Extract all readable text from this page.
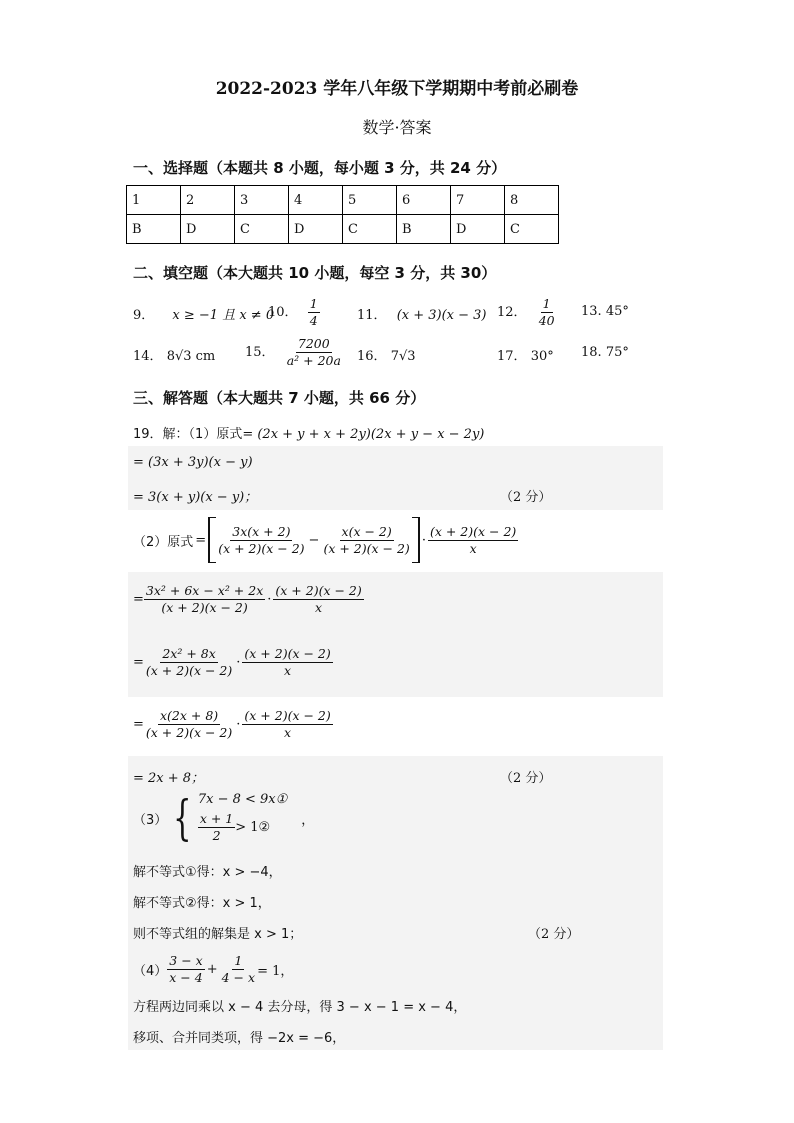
2022-2023 学年八年级下学期期中考前必刷卷
数学·答案
一、选择题（本题共 8 小题，每小题 3 分，共 24 分）
1	2	3	4	5	6	7	8
B	D	C	D	C	B	D	C
二、填空题（本大题共 10 小题，每空 3 分，共 30）
9． x ≥ −1 且 x ≠ 0
10． $\frac{1}{4}$	11． (x + 3)(x − 3) 12． $\frac{1}{40} 13$. 45°
14． 8√3 cm 15． $\frac{7200}{\text{a² + 20a}} 16$． 7√3	17． 30° 18. 75°
三、解答题（本大题共 7 小题，共 66 分）
19．解：（1）原式= (2x + y + x + 2y)(2x + y − x − 2y)
= (3x + 3y)(x − y)
= 3(x + y)(x − y)；	（2 分）
（2）原式 = $\frac{3x(x + 2)}{(x + 2)(x - 2)} - \frac{x(x - 2)}{(x + 2)(x - 2)} \cdot \frac{(x + 2)(x - 2)}{x}$
= $\frac{\text{3x² + 6x − x² + 2x}}{(x + 2)(x - 2)} \cdot \frac{(x + 2)(x - 2)}{x}$
= $\frac{\text{2x² + 8x}}{(x + 2)(x - 2)} \cdot \frac{(x + 2)(x - 2)}{x}$
= $\frac{x(2x + 8)}{(x + 2)(x - 2)} \cdot \frac{(x + 2)(x - 2)}{x}$
= 2x + 8；	（2 分）
（3） { 7x − 8 < 9x①
$\frac{x + 1}{2}$ > 1② ，
解不等式①得：x > −4，
解不等式②得：x > 1，
则不等式组的解集是 x > 1；	（2 分）
$(4) \frac{3 - x}{x - 4} + \frac{1}{4 - x} = 1$，
方程两边同乘以 x − 4 去分母，得 3 − x − 1 = x − 4，
移项、合并同类项，得 −2x = −6，
